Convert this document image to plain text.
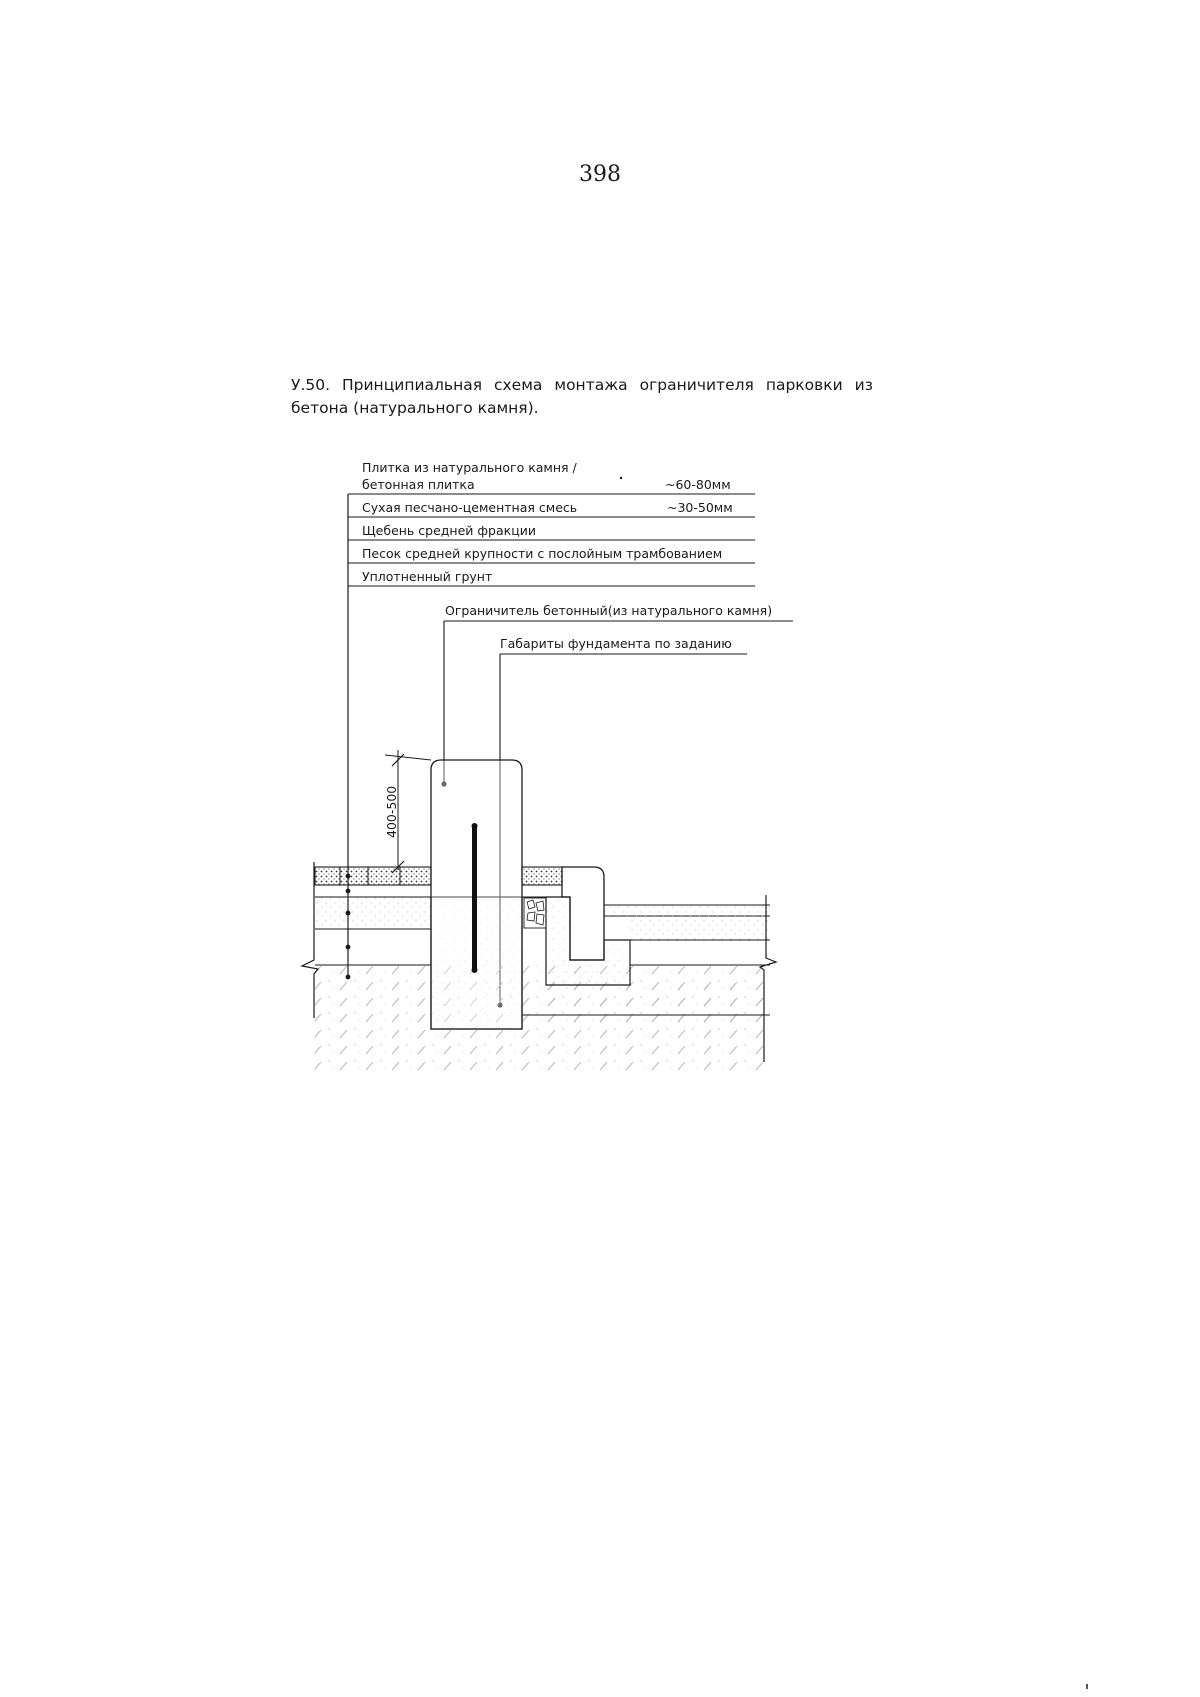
398
У.50. Принципиальная схема монтажа ограничителя парковки из бетона (натурального камня).
Плитка из натурального камня /
бетонная плитка	~60-80мм
Сухая песчано-цементная смесь	~30-50мм
Щебень средней фракции
Песок средней крупности с послойным трамбованием
Уплотненный грунт
Ограничитель бетонный(из натурального камня)
Габариты фундамента по заданию
400-500
